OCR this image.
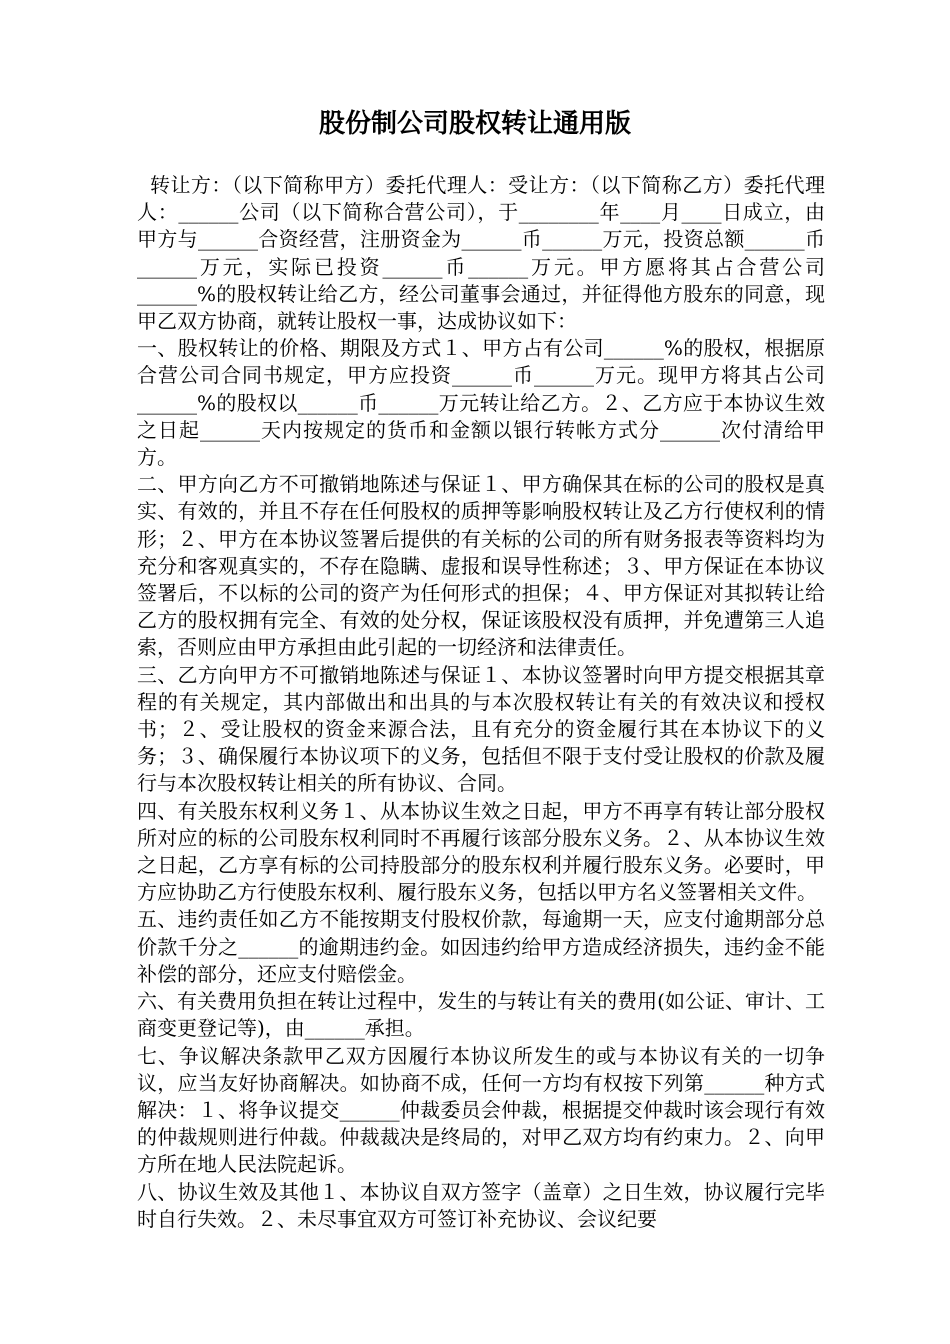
股份制公司股权转让通用版

转让方：（以下简称甲方）委托代理人：受让方：（以下简称乙方）委托代理人：______公司（以下简称合营公司），于________年____月____日成立，由甲方与______合资经营，注册资金为______币______万元，投资总额______币______万元，实际已投资______币______万元。甲方愿将其占合营公司______%的股权转让给乙方，经公司董事会通过，并征得他方股东的同意，现甲乙双方协商，就转让股权一事，达成协议如下：

一、股权转让的价格、期限及方式１、甲方占有公司______%的股权，根据原合营公司合同书规定，甲方应投资______币______万元。现甲方将其占公司______%的股权以______币______万元转让给乙方。２、乙方应于本协议生效之日起______天内按规定的货币和金额以银行转帐方式分______次付清给甲方。

二、甲方向乙方不可撤销地陈述与保证１、甲方确保其在标的公司的股权是真实、有效的，并且不存在任何股权的质押等影响股权转让及乙方行使权利的情形；２、甲方在本协议签署后提供的有关标的公司的所有财务报表等资料均为充分和客观真实的，不存在隐瞒、虚报和误导性称述；３、甲方保证在本协议签署后，不以标的公司的资产为任何形式的担保；４、甲方保证对其拟转让给乙方的股权拥有完全、有效的处分权，保证该股权没有质押，并免遭第三人追索，否则应由甲方承担由此引起的一切经济和法律责任。

三、乙方向甲方不可撤销地陈述与保证１、本协议签署时向甲方提交根据其章程的有关规定，其内部做出和出具的与本次股权转让有关的有效决议和授权书；２、受让股权的资金来源合法，且有充分的资金履行其在本协议下的义务；３、确保履行本协议项下的义务，包括但不限于支付受让股权的价款及履行与本次股权转让相关的所有协议、合同。

四、有关股东权利义务１、从本协议生效之日起，甲方不再享有转让部分股权所对应的标的公司股东权利同时不再履行该部分股东义务。２、从本协议生效之日起，乙方享有标的公司持股部分的股东权利并履行股东义务。必要时，甲方应协助乙方行使股东权利、履行股东义务，包括以甲方名义签署相关文件。

五、违约责任如乙方不能按期支付股权价款，每逾期一天，应支付逾期部分总价款千分之______的逾期违约金。如因违约给甲方造成经济损失，违约金不能补偿的部分，还应支付赔偿金。

六、有关费用负担在转让过程中，发生的与转让有关的费用(如公证、审计、工商变更登记等)，由______承担。

七、争议解决条款甲乙双方因履行本协议所发生的或与本协议有关的一切争议，应当友好协商解决。如协商不成，任何一方均有权按下列第______种方式解决：１、将争议提交______仲裁委员会仲裁，根据提交仲裁时该会现行有效的仲裁规则进行仲裁。仲裁裁决是终局的，对甲乙双方均有约束力。２、向甲方所在地人民法院起诉。

八、协议生效及其他１、本协议自双方签字（盖章）之日生效，协议履行完毕时自行失效。２、未尽事宜双方可签订补充协议、会议纪要
